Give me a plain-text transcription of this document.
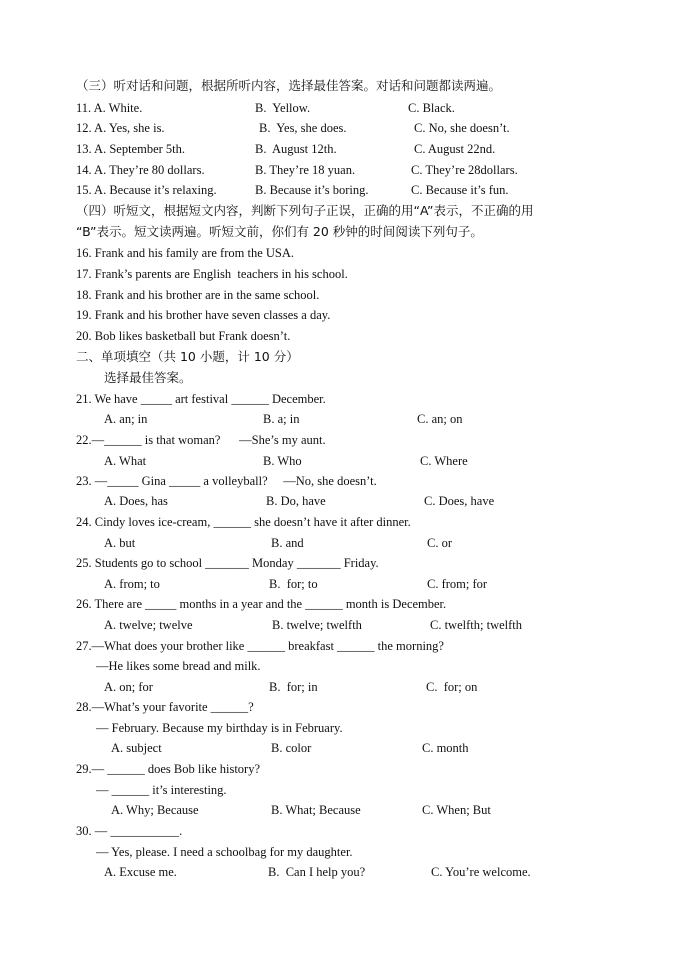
（三）听对话和问题，根据所听内容，选择最佳答案。对话和问题都读两遍。

11. A. White.

	B.  Yellow.

	C. Black.

12. A. Yes, she is.

	B.  Yes, she does.

	C. No, she doesn’t.

13. A. September 5th.

	B.  August 12th.

	C. August 22nd.

14. A. They’re 80 dollars.

	B. They’re 18 yuan.

	C. They’re 28dollars.

15. A. Because it’s relaxing.

	B. Because it’s boring.

	C. Because it’s fun.

（四）听短文，根据短文内容，判断下列句子正误，正确的用“A”表示，不正确的用

“B”表示。短文读两遍。听短文前，你们有 20 秒钟的时间阅读下列句子。

16. Frank and his family are from the USA.

17. Frank’s parents are English  teachers in his school.

18. Frank and his brother are in the same school.

19. Frank and his brother have seven classes a day.

20. Bob likes basketball but Frank doesn’t.

二、单项填空（共 10 小题，计 10 分）

选择最佳答案。

21. We have _____ art festival ______ December.

A. an; in

	B. a; in

	C. an; on

22.—______ is that woman?      —She’s my aunt.

A. What

	B. Who

	C. Where

23. —_____ Gina _____ a volleyball?     —No, she doesn’t.

A. Does, has

	B. Do, have

	C. Does, have

24. Cindy loves ice-cream, ______ she doesn’t have it after dinner.

A. but

	B. and

	C. or

25. Students go to school _______ Monday _______ Friday.

A. from; to

	B.  for; to

	C. from; for

26. There are _____ months in a year and the ______ month is December.

A. twelve; twelve

	B. twelve; twelfth

	C. twelfth; twelfth

27.—What does your brother like ______ breakfast ______ the morning?

—He likes some bread and milk.

A. on; for

	B.  for; in

	C.  for; on

28.—What’s your favorite ______?

— February. Because my birthday is in February.

A. subject

	B. color

	C. month

29.— ______ does Bob like history?

— ______ it’s interesting.

A. Why; Because

	B. What; Because

	C. When; But

30. — ___________.

— Yes, please. I need a schoolbag for my daughter.

A. Excuse me.

	B.  Can I help you?

	C. You’re welcome.
